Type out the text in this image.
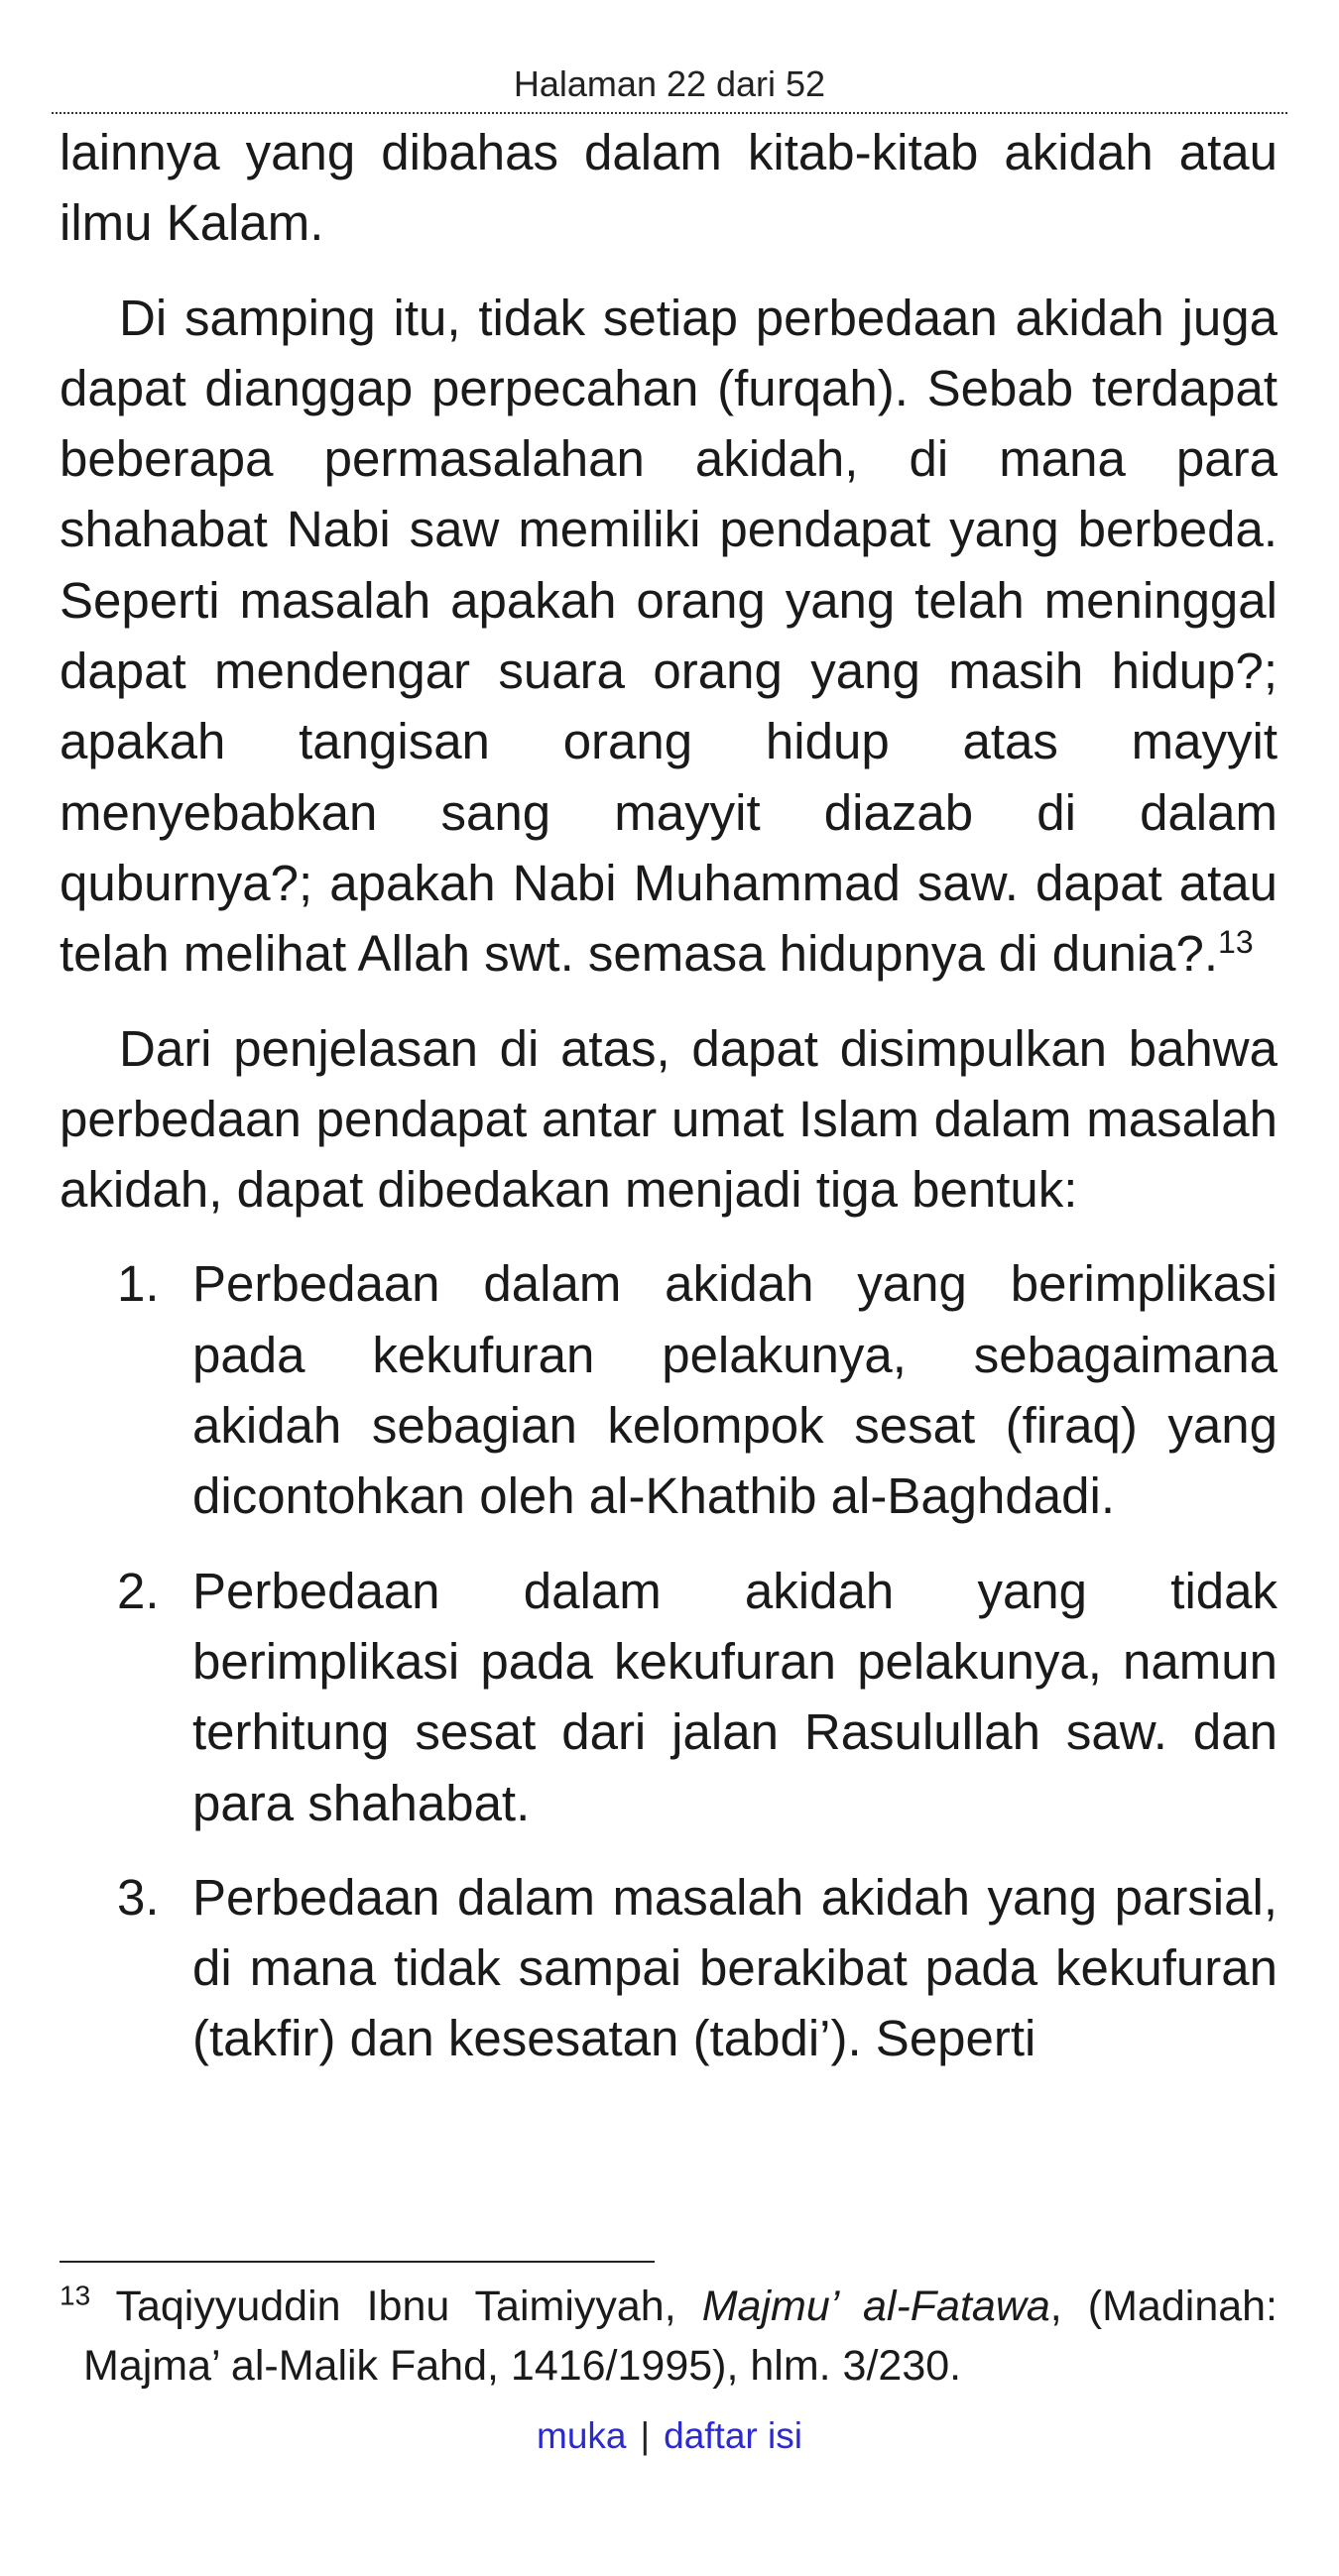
Halaman 22 dari 52

lainnya yang dibahas dalam kitab-kitab akidah atau ilmu Kalam.

Di samping itu, tidak setiap perbedaan akidah juga dapat dianggap perpecahan (furqah). Sebab terdapat beberapa permasalahan akidah, di mana para shahabat Nabi saw memiliki pendapat yang berbeda. Seperti masalah apakah orang yang telah meninggal dapat mendengar suara orang yang masih hidup?; apakah tangisan orang hidup atas mayyit menyebabkan sang mayyit diazab di dalam quburnya?; apakah Nabi Muhammad saw. dapat atau telah melihat Allah swt. semasa hidupnya di dunia?.$^{13}$

Dari penjelasan di atas, dapat disimpulkan bahwa perbedaan pendapat antar umat Islam dalam masalah akidah, dapat dibedakan menjadi tiga bentuk:

1. Perbedaan dalam akidah yang berimplikasi pada kekufuran pelakunya, sebagaimana akidah sebagian kelompok sesat (firaq) yang dicontohkan oleh al-Khathib al-Baghdadi.
2. Perbedaan dalam akidah yang tidak berimplikasi pada kekufuran pelakunya, namun terhitung sesat dari jalan Rasulullah saw. dan para shahabat.
3. Perbedaan dalam masalah akidah yang parsial, di mana tidak sampai berakibat pada kekufuran (takfir) dan kesesatan (tabdi’). Seperti
$^{13}$ Taqiyyuddin Ibnu Taimiyyah, Majmu’ al-Fatawa, (Madinah: Majma’ al-Malik Fahd, 1416/1995), hlm. 3/230.
muka | daftar isi
